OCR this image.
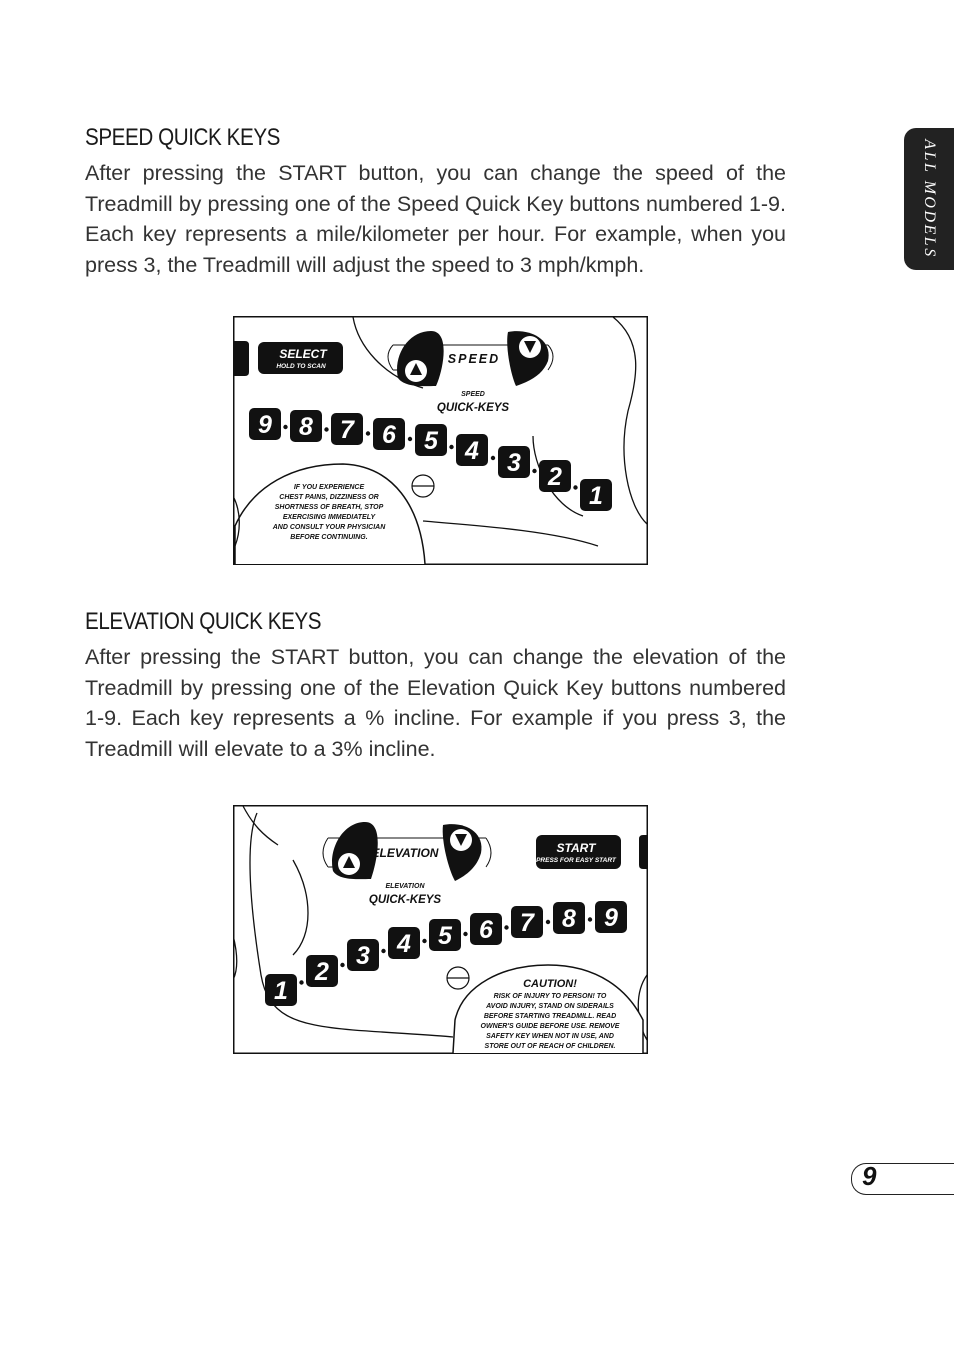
SPEED QUICK KEYS

After pressing the START button, you can change the speed of the Treadmill by pressing one of the Speed Quick Key buttons numbered 1-9. Each key represents a mile/kilometer per hour. For example, when you press 3, the Treadmill will adjust the speed to 3 mph/kmph.

ELEVATION QUICK KEYS

After pressing the START button, you can change the elevation of the Treadmill by pressing one of the Elevation Quick Key buttons numbered 1-9. Each key represents a % incline. For example if you press 3, the Treadmill will elevate to a 3% incline.

ALL MODELS
9
SELECT
HOLD TO SCAN
SPEED
SPEED
QUICK-KEYS
9 8 7 6 5 4 3 2
1
IF YOU EXPERIENCE
CHEST PAINS, DIZZINESS OR
SHORTNESS OF BREATH, STOP
EXERCISING IMMEDIATELY
AND CONSULT YOUR PHYSICIAN
BEFORE CONTINUING.
START
PRESS FOR EASY START
ELEVATION
ELEVATION
QUICK-KEYS
1
2
3 4 5 6 7 8 9
CAUTION!
RISK OF INJURY TO PERSON! TO
AVOID INJURY, STAND ON SIDERAILS
BEFORE STARTING TREADMILL. READ
OWNER'S GUIDE BEFORE USE. REMOVE
SAFETY KEY WHEN NOT IN USE, AND
STORE OUT OF REACH OF CHILDREN.
